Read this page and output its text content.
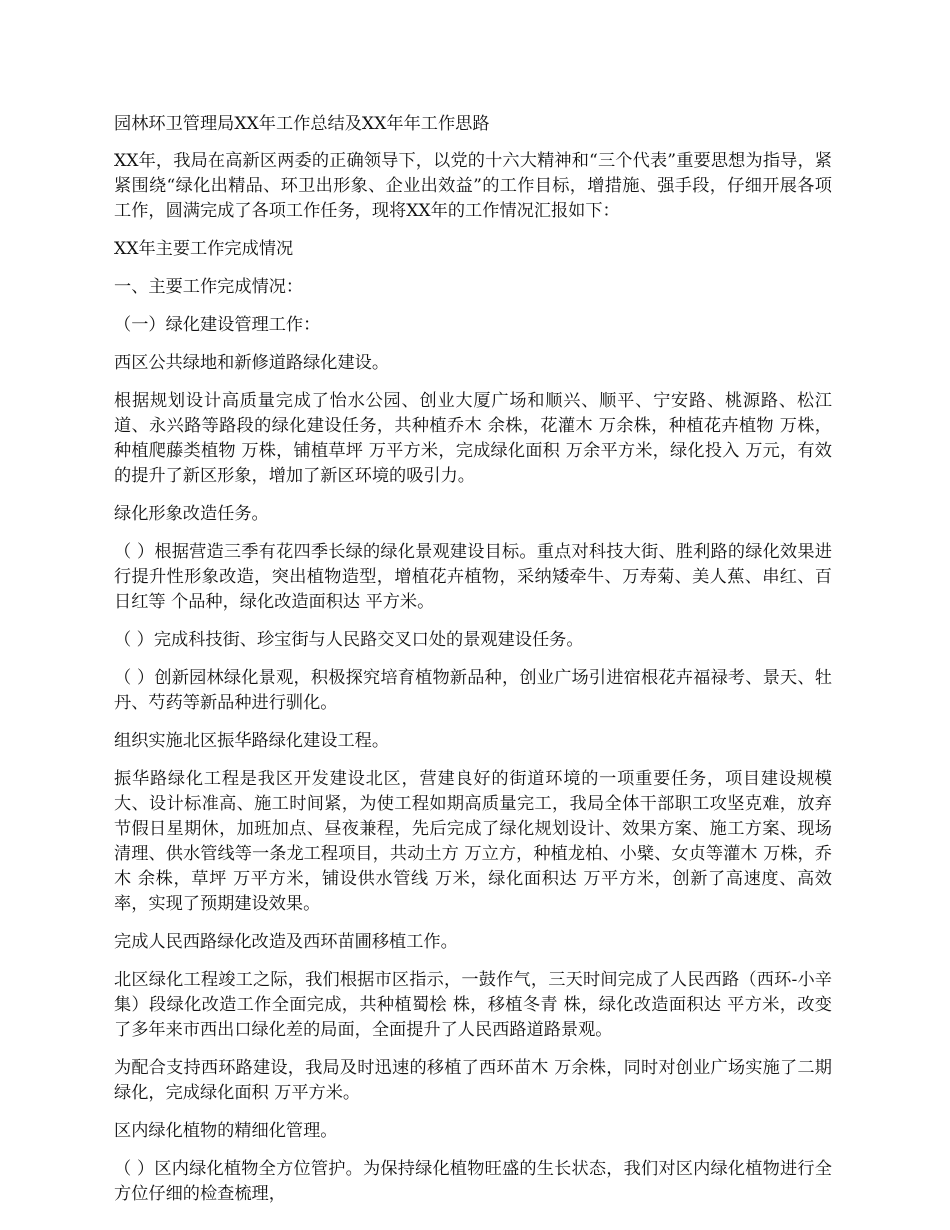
园林环卫管理局XX年工作总结及XX年年工作思路

XX年，我局在高新区两委的正确领导下，以党的十六大精神和“三个代表”重要思想为指导，紧紧围绕“绿化出精品、环卫出形象、企业出效益”的工作目标，增措施、强手段，仔细开展各项工作，圆满完成了各项工作任务，现将XX年的工作情况汇报如下：

XX年主要工作完成情况

一、主要工作完成情况：

（一）绿化建设管理工作：

西区公共绿地和新修道路绿化建设。

根据规划设计高质量完成了怡水公园、创业大厦广场和顺兴、顺平、宁安路、桃源路、松江道、永兴路等路段的绿化建设任务，共种植乔木 余株，花灌木 万余株，种植花卉植物 万株，种植爬藤类植物 万株，铺植草坪 万平方米，完成绿化面积 万余平方米，绿化投入 万元，有效的提升了新区形象，增加了新区环境的吸引力。

绿化形象改造任务。

（ ）根据营造三季有花四季长绿的绿化景观建设目标。重点对科技大街、胜利路的绿化效果进行提升性形象改造，突出植物造型，增植花卉植物，采纳矮牵牛、万寿菊、美人蕉、串红、百日红等 个品种，绿化改造面积达 平方米。

（ ）完成科技街、珍宝街与人民路交叉口处的景观建设任务。

（ ）创新园林绿化景观，积极探究培育植物新品种，创业广场引进宿根花卉福禄考、景天、牡丹、芍药等新品种进行驯化。

组织实施北区振华路绿化建设工程。

振华路绿化工程是我区开发建设北区，营建良好的街道环境的一项重要任务，项目建设规模大、设计标准高、施工时间紧，为使工程如期高质量完工，我局全体干部职工攻坚克难，放弃节假日星期休，加班加点、昼夜兼程，先后完成了绿化规划设计、效果方案、施工方案、现场清理、供水管线等一条龙工程项目，共动土方 万立方，种植龙柏、小檗、女贞等灌木 万株，乔木 余株，草坪 万平方米，铺设供水管线 万米，绿化面积达 万平方米，创新了高速度、高效率，实现了预期建设效果。

完成人民西路绿化改造及西环苗圃移植工作。

北区绿化工程竣工之际，我们根据市区指示，一鼓作气，三天时间完成了人民西路（西环-小辛集）段绿化改造工作全面完成，共种植蜀桧 株，移植冬青 株，绿化改造面积达 平方米，改变了多年来市西出口绿化差的局面，全面提升了人民西路道路景观。

为配合支持西环路建设，我局及时迅速的移植了西环苗木 万余株，同时对创业广场实施了二期绿化，完成绿化面积 万平方米。

区内绿化植物的精细化管理。

（ ）区内绿化植物全方位管护。为保持绿化植物旺盛的生长状态，我们对区内绿化植物进行全方位仔细的检查梳理，
